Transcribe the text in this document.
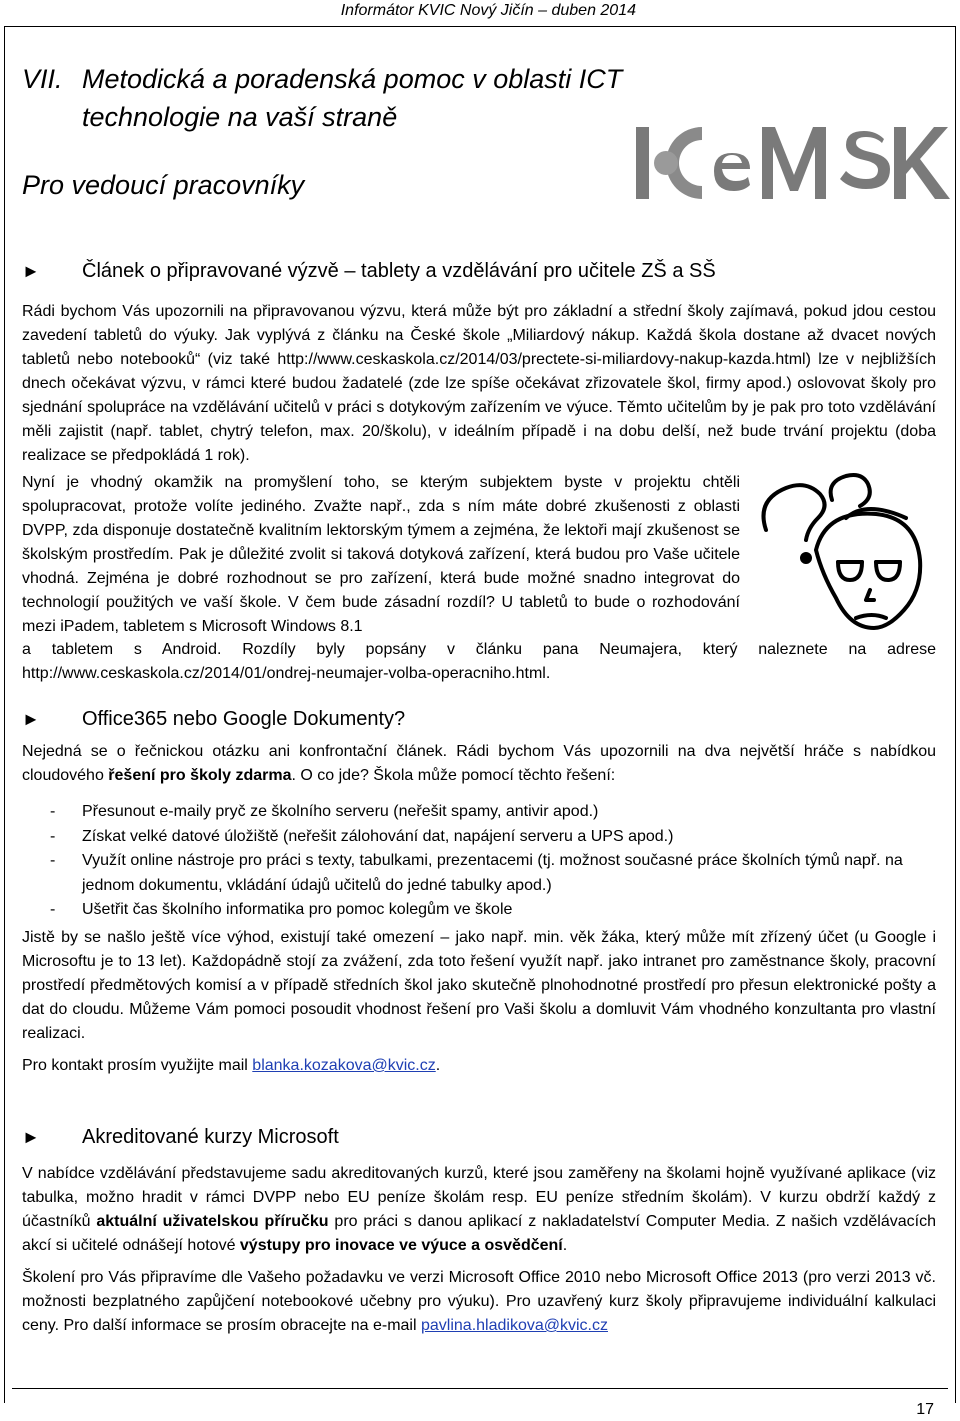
Informátor KVIC Nový Jičín – duben 2014
VII. Metodická a poradenská pomoc v oblasti ICT
technologie na vaší straně
Pro vedoucí pracovníky
► Článek o připravované výzvě – tablety a vzdělávání pro učitele ZŠ a SŠ

Rádi bychom Vás upozornili na připravovanou výzvu, která může být pro základní a střední školy zajímavá, pokud jdou cestou zavedení tabletů do výuky. Jak vyplývá z článku na České škole „Miliardový nákup. Každá škola dostane až dvacet nových tabletů nebo notebooků“ (viz také http://www.ceskaskola.cz/2014/03/prectete-si-miliardovy-nakup-kazda.html) lze v nejbližších dnech očekávat výzvu, v rámci které budou žadatelé (zde lze spíše očekávat zřizovatele škol, firmy apod.) oslovovat školy pro sjednání spolupráce na vzdělávání učitelů v práci s dotykovým zařízením ve výuce. Těmto učitelům by je pak pro toto vzdělávání měli zajistit (např. tablet, chytrý telefon, max. 20/školu), v ideálním případě i na dobu delší, než bude trvání projektu (doba realizace se předpokládá 1 rok).

Nyní je vhodný okamžik na promyšlení toho, se kterým subjektem byste v projektu chtěli spolupracovat, protože volíte jediného. Zvažte např., zda s ním máte dobré zkušenosti z oblasti DVPP, zda disponuje dostatečně kvalitním lektorským týmem a zejména, že lektoři mají zkušenost se školským prostředím. Pak je důležité zvolit si taková dotyková zařízení, která budou pro Vaše učitele vhodná. Zejména je dobré rozhodnout se pro zařízení, která bude možné snadno integrovat do technologií použitých ve vaší škole. V čem bude zásadní rozdíl? U tabletů to bude o rozhodování mezi iPadem, tabletem s Microsoft Windows 8.1

a tabletem s Android. Rozdíly byly popsány v článku pana Neumajera, který naleznete na adrese http://www.ceskaskola.cz/2014/01/ondrej-neumajer-volba-operacniho.html.

► Office365 nebo Google Dokumenty?

Nejedná se o řečnickou otázku ani konfrontační článek. Rádi bychom Vás upozornili na dva největší hráče s nabídkou cloudového řešení pro školy zdarma. O co jde? Škola může pomocí těchto řešení:

- Přesunout e-maily pryč ze školního serveru (neřešit spamy, antivir apod.)
- Získat velké datové úložiště (neřešit zálohování dat, napájení serveru a UPS apod.)
- Využít online nástroje pro práci s texty, tabulkami, prezentacemi (tj. možnost současné práce školních týmů např. na jednom dokumentu, vkládání údajů učitelů do jedné tabulky apod.)
- Ušetřit čas školního informatika pro pomoc kolegům ve škole

Jistě by se našlo ještě více výhod, existují také omezení – jako např. min. věk žáka, který může mít zřízený účet (u Google i Microsoftu je to 13 let). Každopádně stojí za zvážení, zda toto řešení využít např. jako intranet pro zaměstnance školy, pracovní prostředí předmětových komisí a v případě středních škol jako skutečně plnohodnotné prostředí pro přesun elektronické pošty a dat do cloudu. Můžeme Vám pomoci posoudit vhodnost řešení pro Vaši školu a domluvit Vám vhodného konzultanta pro vlastní realizaci.

Pro kontakt prosím využijte mail blanka.kozakova@kvic.cz.

► Akreditované kurzy Microsoft

V nabídce vzdělávání představujeme sadu akreditovaných kurzů, které jsou zaměřeny na školami hojně využívané aplikace (viz tabulka, možno hradit v rámci DVPP nebo EU peníze školám resp. EU peníze středním školám). V kurzu obdrží každý z účastníků aktuální uživatelskou příručku pro práci s danou aplikací z nakladatelství Computer Media. Z našich vzdělávacích akcí si učitelé odnášejí hotové výstupy pro inovace ve výuce a osvědčení.

Školení pro Vás připravíme dle Vašeho požadavku ve verzi Microsoft Office 2010 nebo Microsoft Office 2013 (pro verzi 2013 vč. možnosti bezplatného zapůjčení notebookové učebny pro výuku). Pro uzavřený kurz školy připravujeme individuální kalkulaci ceny. Pro další informace se prosím obracejte na e-mail pavlina.hladikova@kvic.cz

17
